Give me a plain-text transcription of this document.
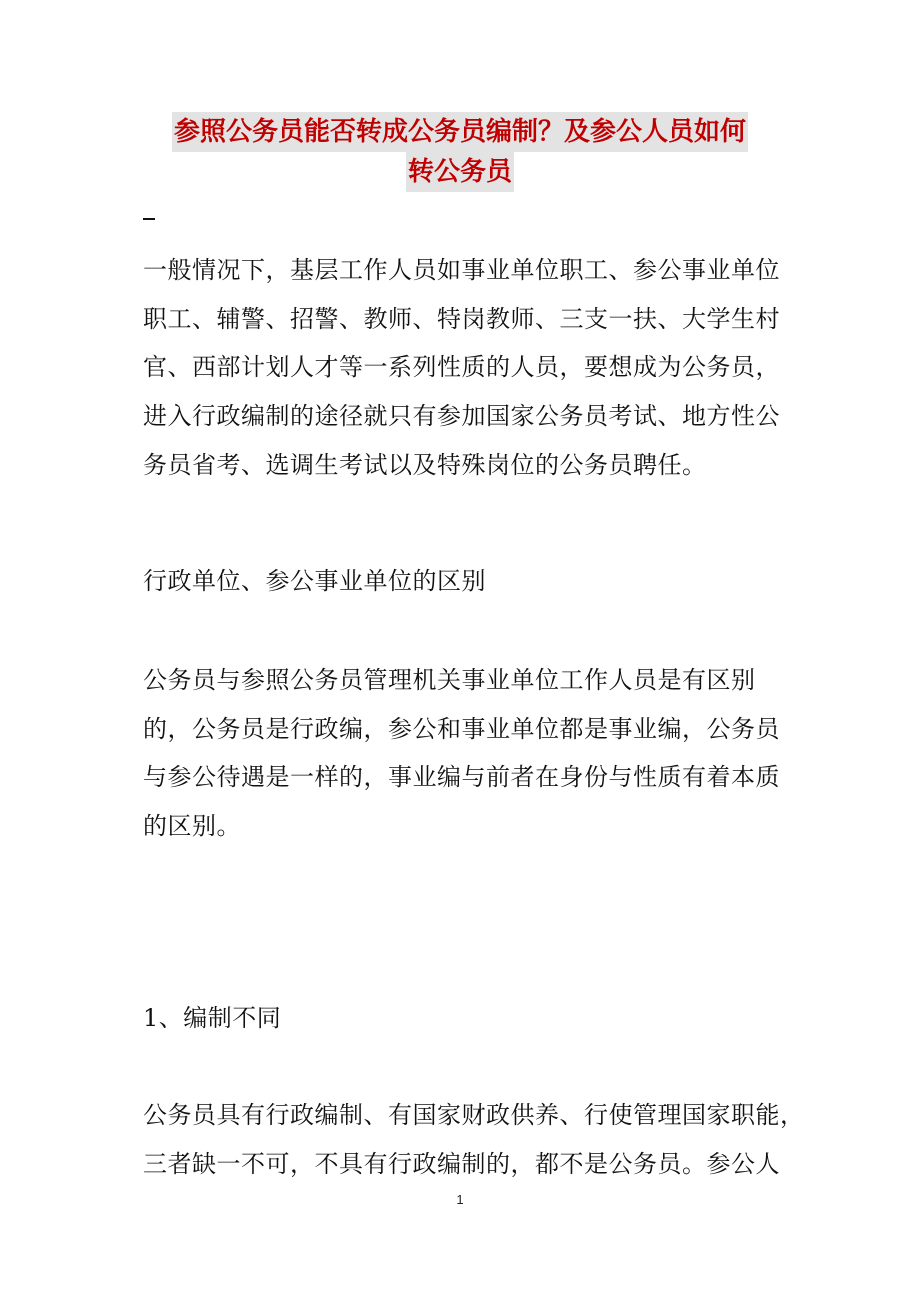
参照公务员能否转成公务员编制？及参公人员如何
转公务员

一般情况下，基层工作人员如事业单位职工、参公事业单位
职工、辅警、招警、教师、特岗教师、三支一扶、大学生村
官、西部计划人才等一系列性质的人员，要想成为公务员，
进入行政编制的途径就只有参加国家公务员考试、地方性公
务员省考、选调生考试以及特殊岗位的公务员聘任。

行政单位、参公事业单位的区别

公务员与参照公务员管理机关事业单位工作人员是有区别
的，公务员是行政编，参公和事业单位都是事业编，公务员
与参公待遇是一样的，事业编与前者在身份与性质有着本质
的区别。

1、编制不同

公务员具有行政编制、有国家财政供养、行使管理国家职能，
三者缺一不可，不具有行政编制的，都不是公务员。参公人

1
